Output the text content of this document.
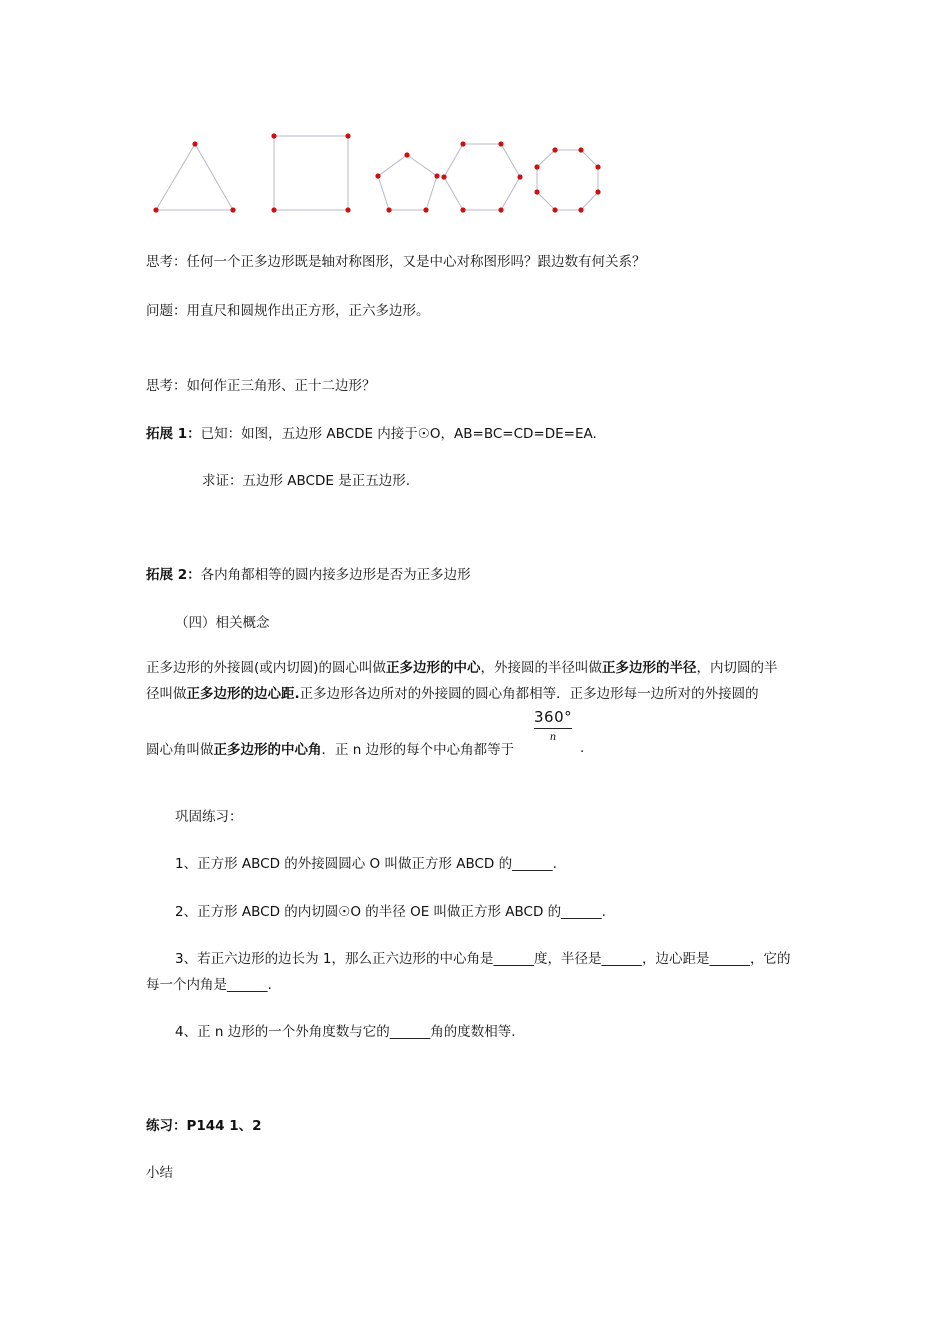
思考：任何一个正多边形既是轴对称图形，又是中心对称图形吗？跟边数有何关系？
问题：用直尺和圆规作出正方形，正六多边形。
思考：如何作正三角形、正十二边形？
拓展 1：已知：如图，五边形 ABCDE 内接于☉O，AB=BC=CD=DE=EA.
求证：五边形 ABCDE 是正五边形.
拓展 2：各内角都相等的圆内接多边形是否为正多边形
（四）相关概念
正多边形的外接圆(或内切圆)的圆心叫做正多边形的中心，外接圆的半径叫做正多边形的半径，内切圆的半
径叫做正多边形的边心距.正多边形各边所对的外接圆的圆心角都相等．正多边形每一边所对的外接圆的
圆心角叫做正多边形的中心角．正 n 边形的每个中心角都等于
360°
n
.
巩固练习：
1、正方形 ABCD 的外接圆圆心 O 叫做正方形 ABCD 的______.
2、正方形 ABCD 的内切圆☉O 的半径 OE 叫做正方形 ABCD 的______.
3、若正六边形的边长为 1，那么正六边形的中心角是______度，半径是______，边心距是______，它的
每一个内角是______.
4、正 n 边形的一个外角度数与它的______角的度数相等.
练习：P144 1、2
小结
